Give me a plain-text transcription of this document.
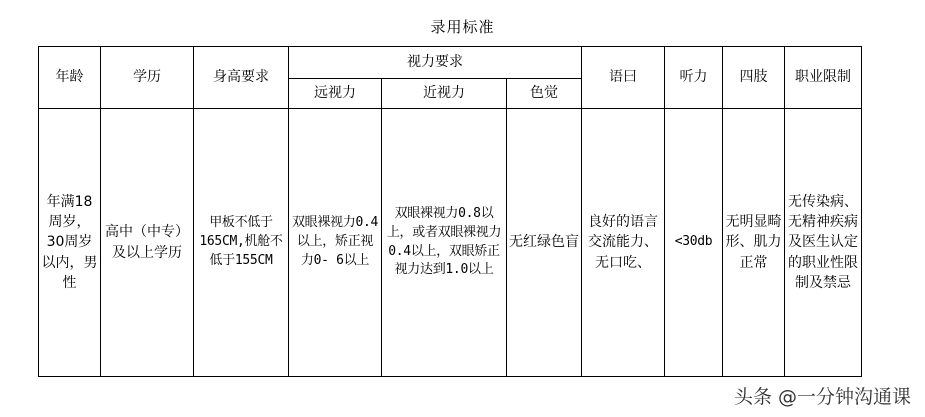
录用标准
年龄	学历	身高要求	视力要求			语曰	听力	四肢	职业限制
			远视力	近视力	色觉				
年满18周岁，30周岁以内，男性	高中（中专）及以上学历	甲板不低于165CM,机舱不低于155CM	双眼裸视力0.4以上，矫正视力0- 6以上	双眼裸视力0.8以上，或者双眼裸视力0.4以上，双眼矫正视力达到1.0以上	无红绿色盲	良好的语言交流能力、无口吃、	<30db	无明显畸形、肌力正常	无传染病、无精神疾病及医生认定的职业性限制及禁忌
头条 @一分钟沟通课
